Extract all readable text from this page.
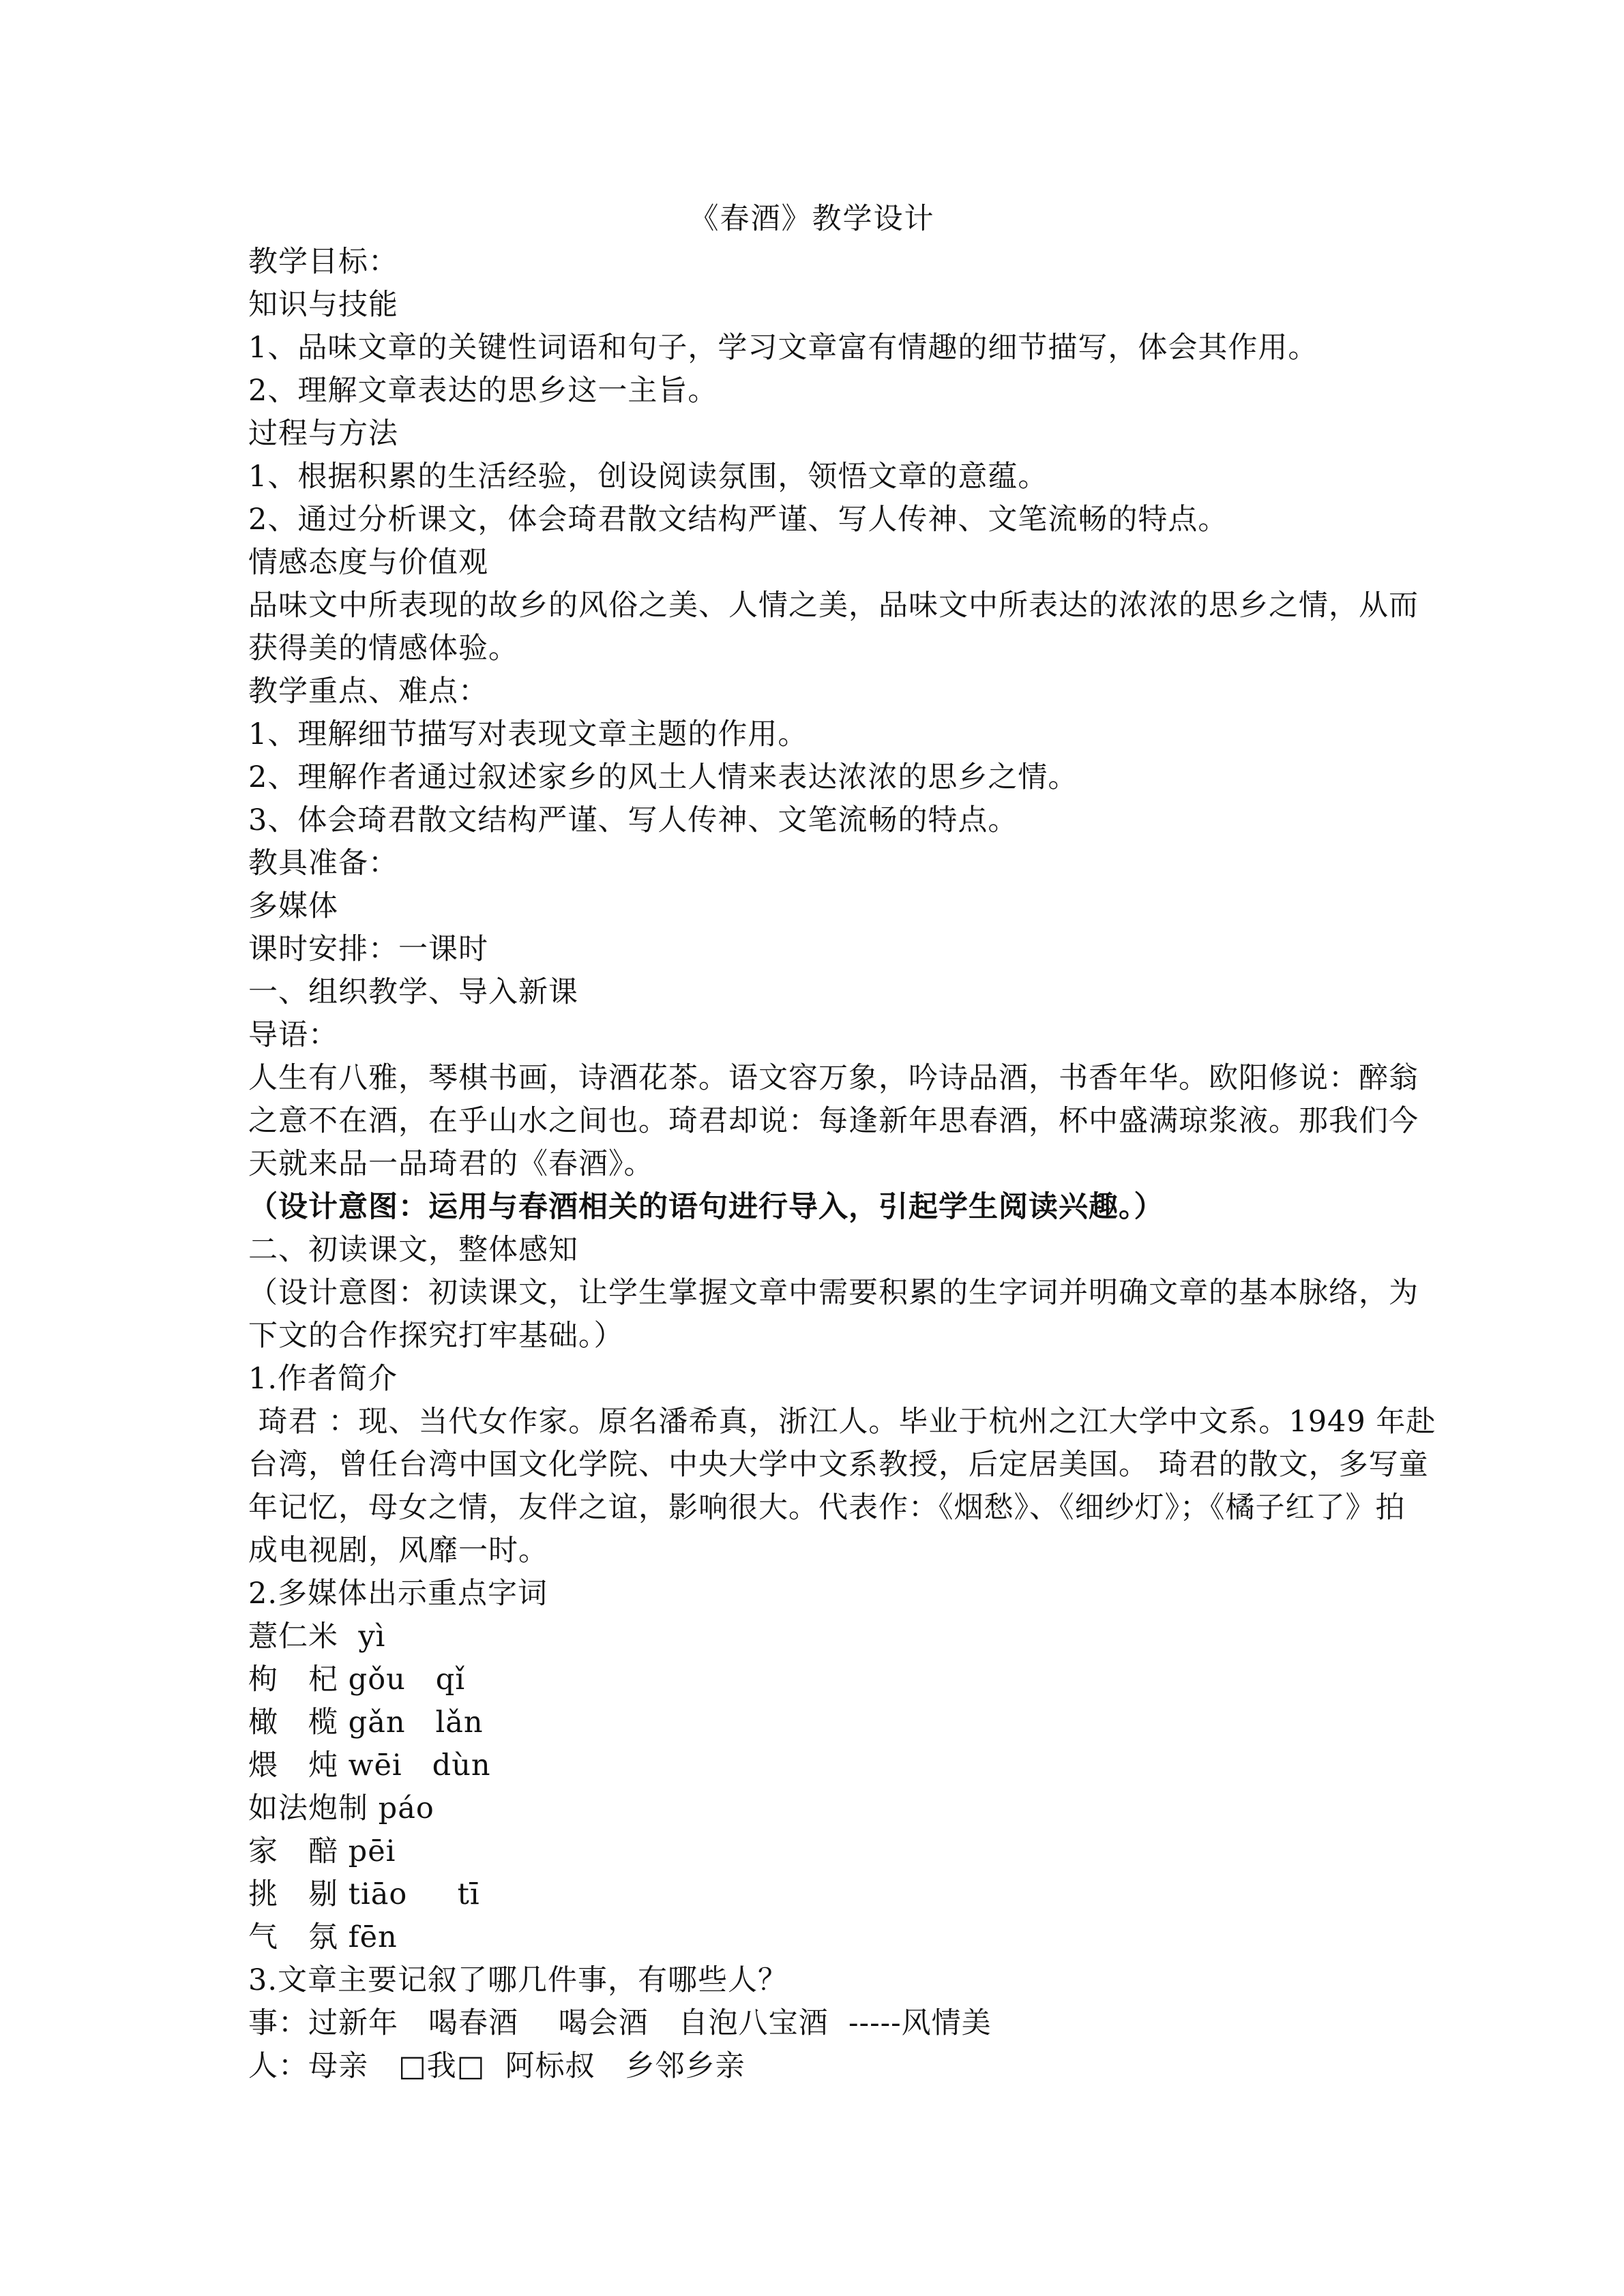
《春酒》教学设计
教学目标：
知识与技能
1、品味文章的关键性词语和句子，学习文章富有情趣的细节描写，体会其作用。
2、理解文章表达的思乡这一主旨。
过程与方法
1、根据积累的生活经验，创设阅读氛围，领悟文章的意蕴。
2、通过分析课文，体会琦君散文结构严谨、写人传神、文笔流畅的特点。
情感态度与价值观
品味文中所表现的故乡的风俗之美、人情之美，品味文中所表达的浓浓的思乡之情，从而
获得美的情感体验。
教学重点、难点：
1、理解细节描写对表现文章主题的作用。
2、理解作者通过叙述家乡的风土人情来表达浓浓的思乡之情。
3、体会琦君散文结构严谨、写人传神、文笔流畅的特点。
教具准备：
多媒体
课时安排：一课时
一、组织教学、导入新课
导语：
人生有八雅，琴棋书画，诗酒花茶。语文容万象，吟诗品酒，书香年华。欧阳修说：醉翁
之意不在酒，在乎山水之间也。琦君却说：每逢新年思春酒，杯中盛满琼浆液。那我们今
天就来品一品琦君的《春酒》。
（设计意图：运用与春酒相关的语句进行导入，引起学生阅读兴趣。）
二、初读课文，整体感知
（设计意图：初读课文，让学生掌握文章中需要积累的生字词并明确文章的基本脉络，为
下文的合作探究打牢基础。）
1.作者简介
琦君 ：现、当代女作家。原名潘希真，浙江人。毕业于杭州之江大学中文系。1949 年赴
台湾，曾任台湾中国文化学院、中央大学中文系教授，后定居美国。 琦君的散文，多写童
年记忆，母女之情，友伴之谊，影响很大。代表作：《烟愁》、《细纱灯》；《橘子红了》拍
成电视剧，风靡一时。
2.多媒体出示重点字词
薏仁米  yì
枸   杞 gǒu   qǐ
橄   榄 gǎn   lǎn
煨   炖 wēi   dùn
如法炮制 páo
家   醅 pēi
挑   剔 tiāo     tī
气   氛 fēn
3.文章主要记叙了哪几件事，有哪些人？
事：过新年   喝春酒    喝会酒   自泡八宝酒  -----风情美
人：母亲   □我□  阿标叔   乡邻乡亲
